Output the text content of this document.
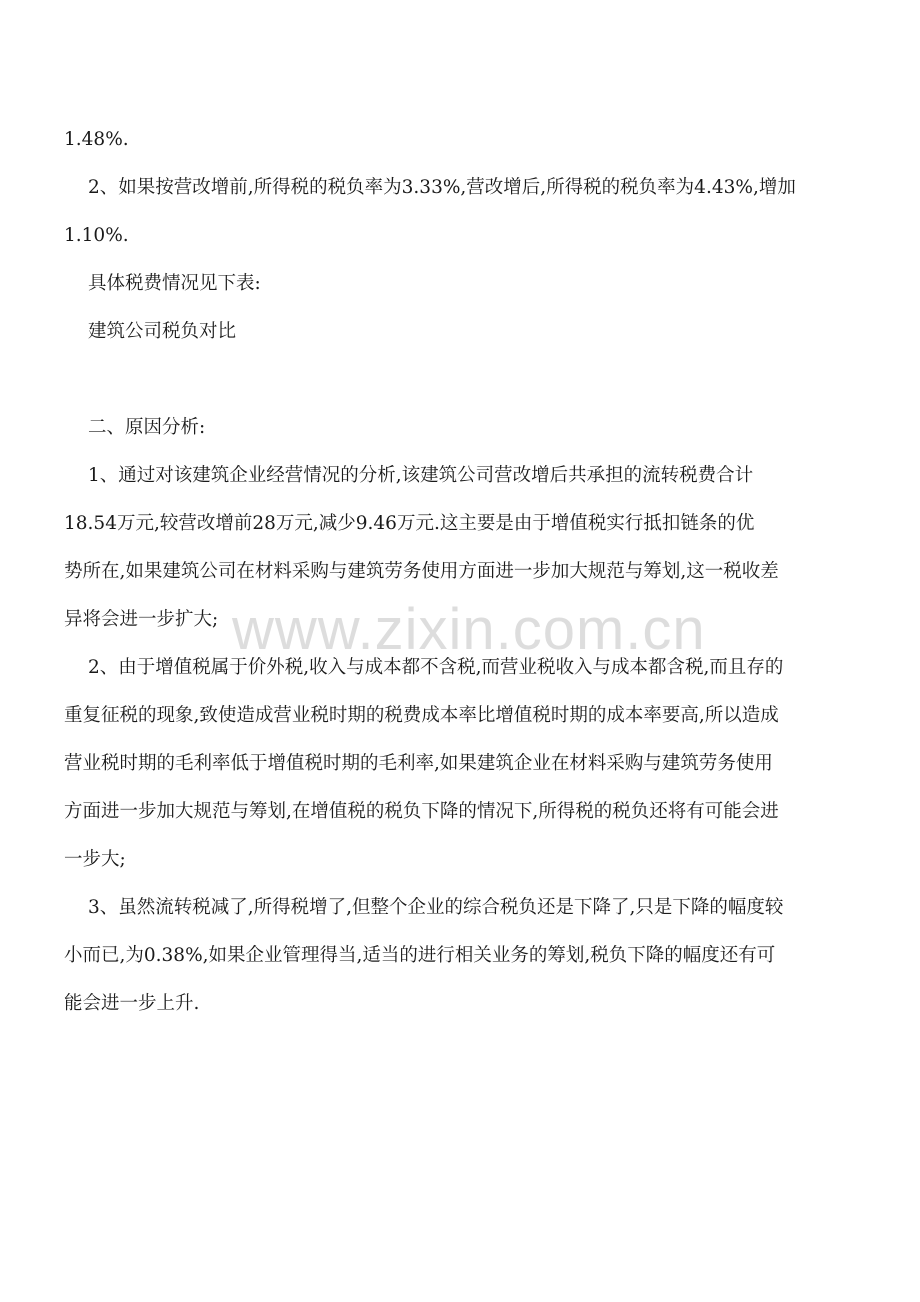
1.48%.
2、如果按营改增前,所得税的税负率为3.33%,营改增后,所得税的税负率为4.43%,增加
1.10%.
具体税费情况见下表:
建筑公司税负对比
二、原因分析:
1、通过对该建筑企业经营情况的分析,该建筑公司营改增后共承担的流转税费合计
18.54万元,较营改增前28万元,减少9.46万元.这主要是由于增值税实行抵扣链条的优
势所在,如果建筑公司在材料采购与建筑劳务使用方面进一步加大规范与筹划,这一税收差
异将会进一步扩大;
2、由于增值税属于价外税,收入与成本都不含税,而营业税收入与成本都含税,而且存的
重复征税的现象,致使造成营业税时期的税费成本率比增值税时期的成本率要高,所以造成
营业税时期的毛利率低于增值税时期的毛利率,如果建筑企业在材料采购与建筑劳务使用
方面进一步加大规范与筹划,在增值税的税负下降的情况下,所得税的税负还将有可能会进
一步大;
3、虽然流转税减了,所得税增了,但整个企业的综合税负还是下降了,只是下降的幅度较
小而已,为0.38%,如果企业管理得当,适当的进行相关业务的筹划,税负下降的幅度还有可
能会进一步上升.
www.zixin.com.cn
